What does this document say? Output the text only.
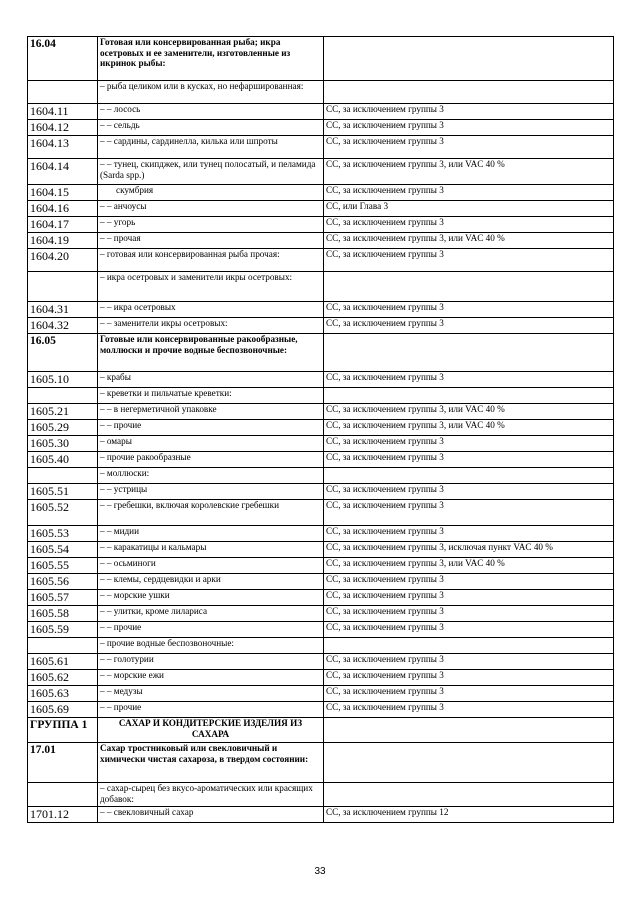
16.04	Готовая или консервированная рыба; икра осетровых и ее заменители, изготовленные из икринок рыбы:	
	– рыба целиком или в кусках, но нефаршированная:	
1604.11	– – лосось	СС, за исключением группы 3
1604.12	– – сельдь	СС, за исключением группы 3
1604.13	– – сардины, сардинелла, килька или шпроты	СС, за исключением группы 3
1604.14	– – тунец, скипджек, или тунец полосатый, и пеламида (Sarda spp.)	СС, за исключением группы 3, или VAC 40 %
1604.15	скумбрия	СС, за исключением группы 3
1604.16	– – анчоусы	СС, или Глава 3
1604.17	– – угорь	СС, за исключением группы 3
1604.19	– – прочая	СС, за исключением группы 3, или VAC 40 %
1604.20	– готовая или консервированная рыба прочая:	СС, за исключением группы 3
	– икра осетровых и заменители икры осетровых:	
1604.31	– – икра осетровых	СС, за исключением группы 3
1604.32	– – заменители икры осетровых:	СС, за исключением группы 3
16.05	Готовые или консервированные ракообразные, моллюски и прочие водные беспозвоночные:	
1605.10	– крабы	СС, за исключением группы 3
	– креветки и пильчатые креветки:	
1605.21	– – в негерметичной упаковке	СС, за исключением группы 3, или VAC 40 %
1605.29	– – прочие	СС, за исключением группы 3, или VAC 40 %
1605.30	– омары	СС, за исключением группы 3
1605.40	– прочие ракообразные	СС, за исключением группы 3
	– моллюски:	
1605.51	– – устрицы	СС, за исключением группы 3
1605.52	– – гребешки, включая королевские гребешки	СС, за исключением группы 3
1605.53	– – мидии	СС, за исключением группы 3
1605.54	– – каракатицы и кальмары	СС, за исключением группы 3, исключая пункт VAC 40 %
1605.55	– – осьминоги	СС, за исключением группы 3, или VAC 40 %
1605.56	– – клемы, сердцевидки и арки	СС, за исключением группы 3
1605.57	– – морские ушки	СС, за исключением группы 3
1605.58	– – улитки, кроме лилариса	СС, за исключением группы 3
1605.59	– – прочие	СС, за исключением группы 3
	– прочие водные беспозвоночные:	
1605.61	– – голотурии	СС, за исключением группы 3
1605.62	– – морские ежи	СС, за исключением группы 3
1605.63	– – медузы	СС, за исключением группы 3
1605.69	– – прочие	СС, за исключением группы 3
ГРУППА 1	САХАР И КОНДИТЕРСКИЕ ИЗДЕЛИЯ ИЗ САХАРА	
17.01	Сахар тростниковый или свекловичный и химически чистая сахароза, в твердом состоянии:	
	– сахар-сырец без вкусо-ароматических или красящих добавок:	
1701.12	– – свекловичный сахар	СС, за исключением группы 12
33
